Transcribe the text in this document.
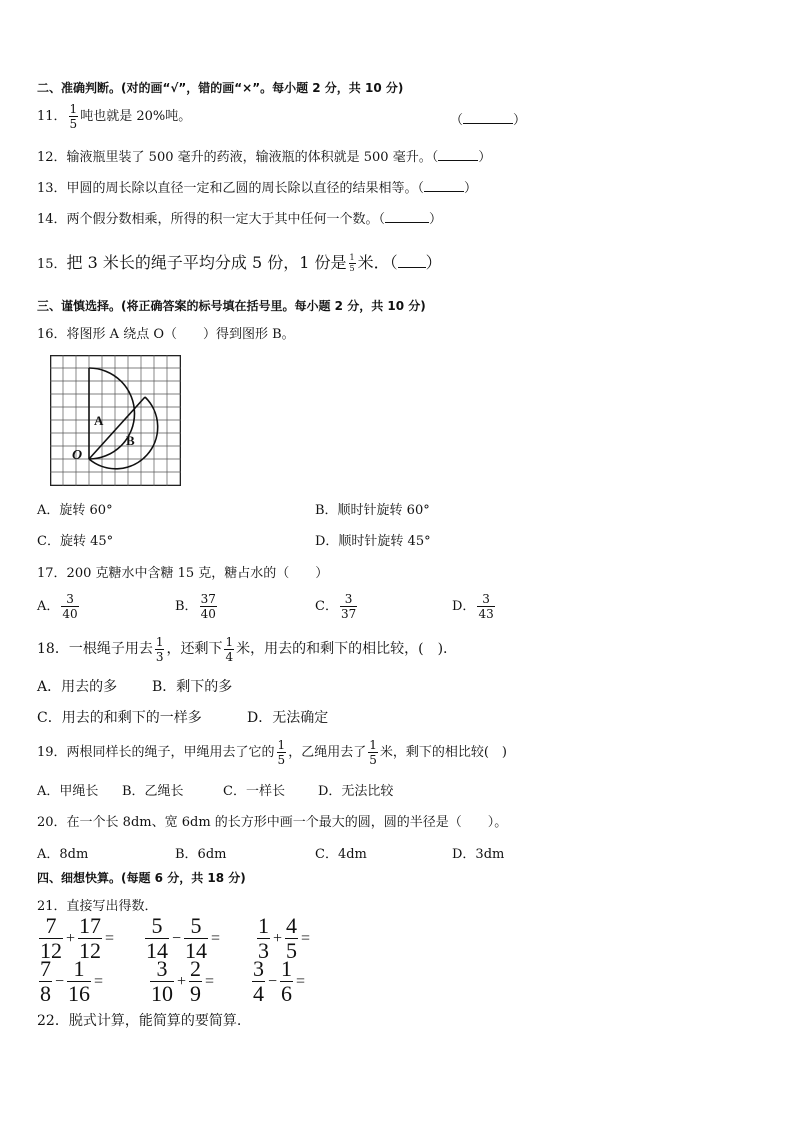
二、准确判断。(对的画“√”，错的画“×”。每小题 2 分，共 10 分)
11． $\frac{1}{5}$ 吨也就是 20%吨。	（	）
12．输液瓶里装了 500 毫升的药液，输液瓶的体积就是 500 毫升。（	）
13．甲圆的周长除以直径一定和乙圆的周长除以直径的结果相等。（	）
14．两个假分数相乘，所得的积一定大于其中任何一个数。（	）
15．把 3 米长的绳子平均分成 5 份，1 份是 $\frac{1}{5}$ 米．（ ）
三、谨慎选择。(将正确答案的标号填在括号里。每小题 2 分，共 10 分)
16．将图形 A 绕点 O（　　）得到图形 B。
A
B
O
A．旋转 60°	B．顺时针旋转 60°
C．旋转 45°	D．顺时针旋转 45°
17．200 克糖水中含糖 15 克，糖占水的（　　）
A． $\frac{3}{40}$	B． $\frac{37}{40}$	C． $\frac{3}{37}$	D． $\frac{3}{43}$
18．一根绳子用去 $\frac{1}{3}$ ，还剩下 $\frac{1}{4}$ 米，用去的和剩下的相比较，(　).
A．用去的多 B．剩下的多
C．用去的和剩下的一样多	D．无法确定
19．两根同样长的绳子，甲绳用去了它的 $\frac{1}{5}$ ，乙绳用去了 $\frac{1}{5}$ 米，剩下的相比较(　)
A．甲绳长 B．乙绳长	C．一样长	D．无法比较
20．在一个长 8dm、宽 6dm 的长方形中画一个最大的圆，圆的半径是（　　）。
A．8dm	B．6dm	C．4dm	D．3dm
四、细想快算。(每题 6 分，共 18 分)
21．直接写出得数．
$\frac{7}{12} + \frac{17}{12} = \frac{5}{14} - \frac{5}{14} = \frac{1}{3} + \frac{4}{5}$ =
$\frac{7}{8} - \frac{1}{16} = \frac{3}{10} + \frac{2}{9} = \frac{3}{4} - \frac{1}{6}$ =
22．脱式计算，能简算的要简算.
